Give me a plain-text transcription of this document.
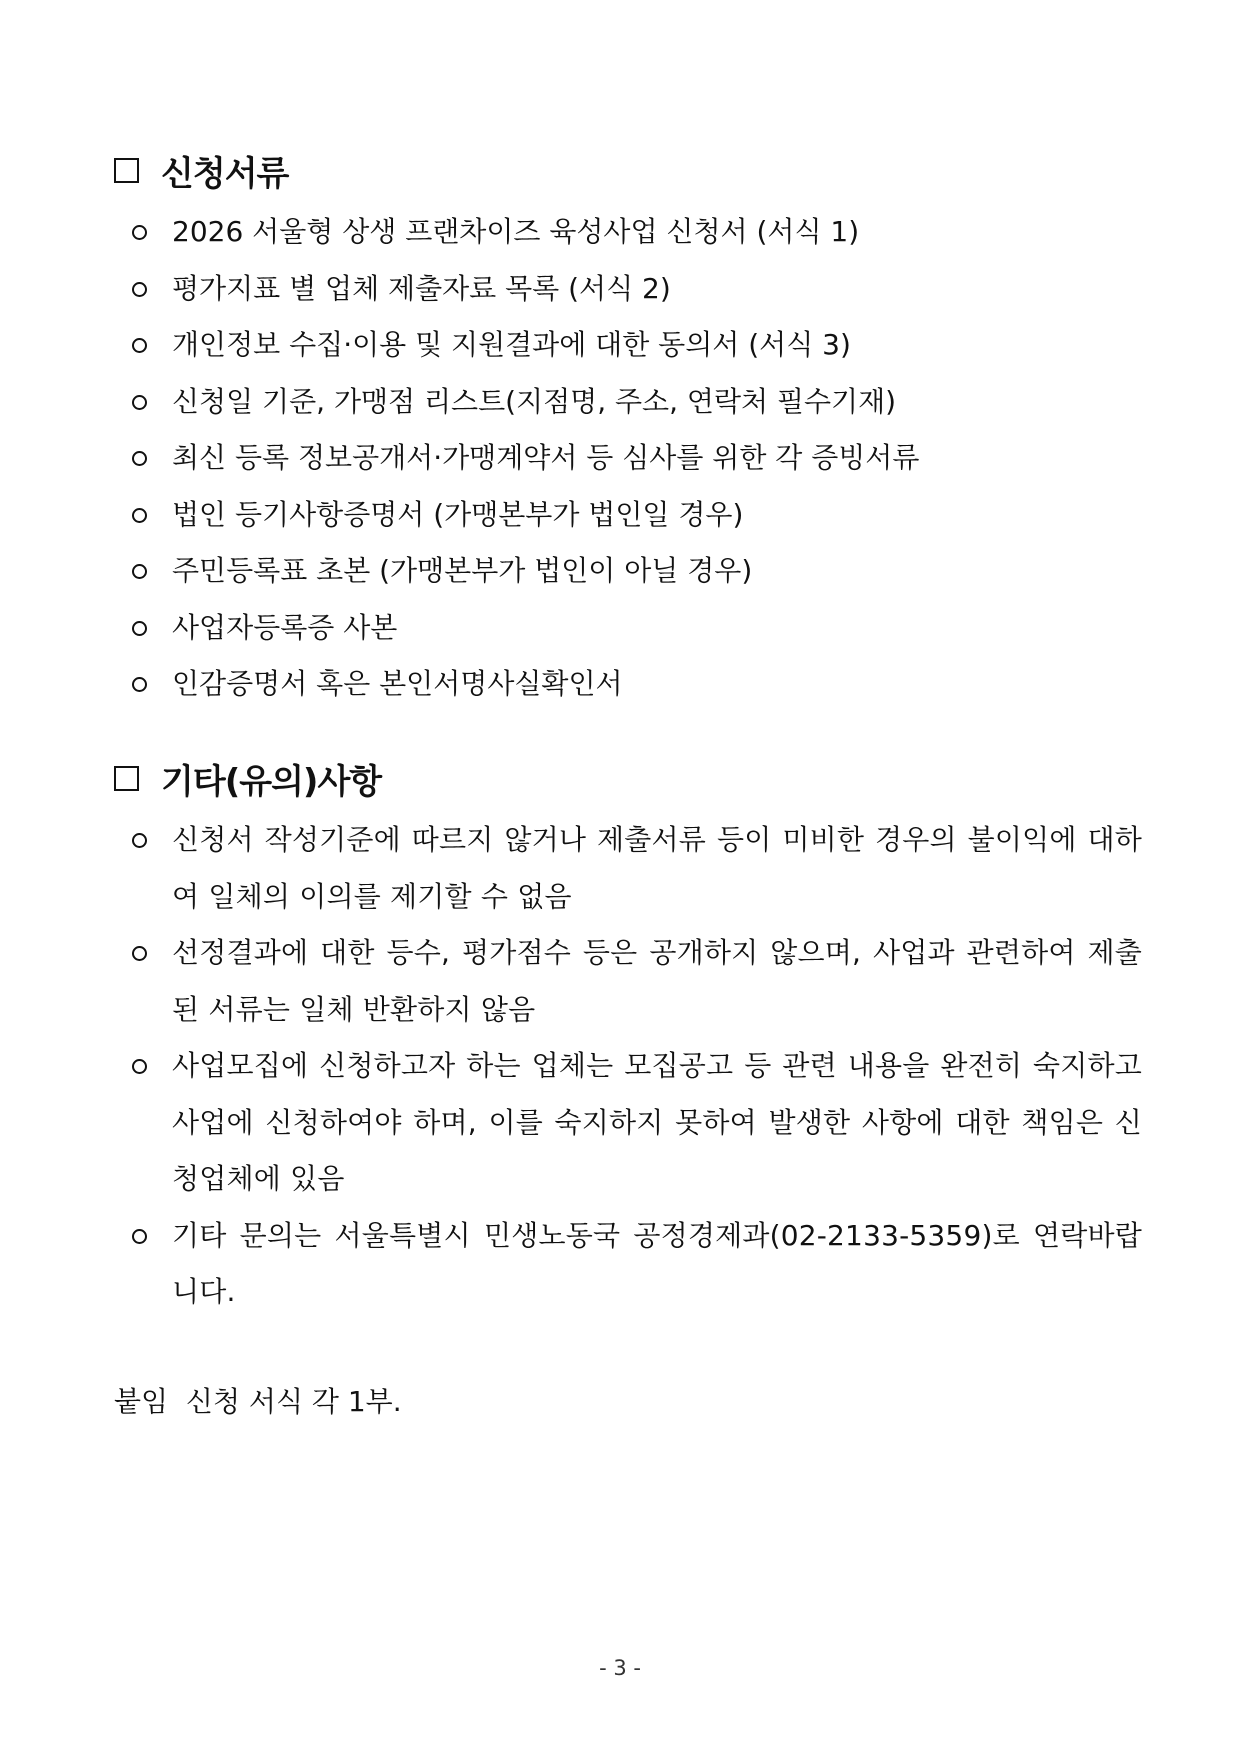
신청서류
2026 서울형 상생 프랜차이즈 육성사업 신청서 (서식 1)
평가지표 별 업체 제출자료 목록 (서식 2)
개인정보 수집·이용 및 지원결과에 대한 동의서 (서식 3)
신청일 기준, 가맹점 리스트(지점명, 주소, 연락처 필수기재)
최신 등록 정보공개서·가맹계약서 등 심사를 위한 각 증빙서류
법인 등기사항증명서 (가맹본부가 법인일 경우)
주민등록표 초본 (가맹본부가 법인이 아닐 경우)
사업자등록증 사본
인감증명서 혹은 본인서명사실확인서
기타(유의)사항
신청서 작성기준에 따르지 않거나 제출서류 등이 미비한 경우의 불이익에 대하여 일체의 이의를 제기할 수 없음
선정결과에 대한 등수, 평가점수 등은 공개하지 않으며, 사업과 관련하여 제출된 서류는 일체 반환하지 않음
사업모집에 신청하고자 하는 업체는 모집공고 등 관련 내용을 완전히 숙지하고 사업에 신청하여야 하며, 이를 숙지하지 못하여 발생한 사항에 대한 책임은 신청업체에 있음
기타 문의는 서울특별시 민생노동국 공정경제과(02-2133-5359)로 연락바랍니다.
붙임  신청 서식 각 1부.
- 3 -
